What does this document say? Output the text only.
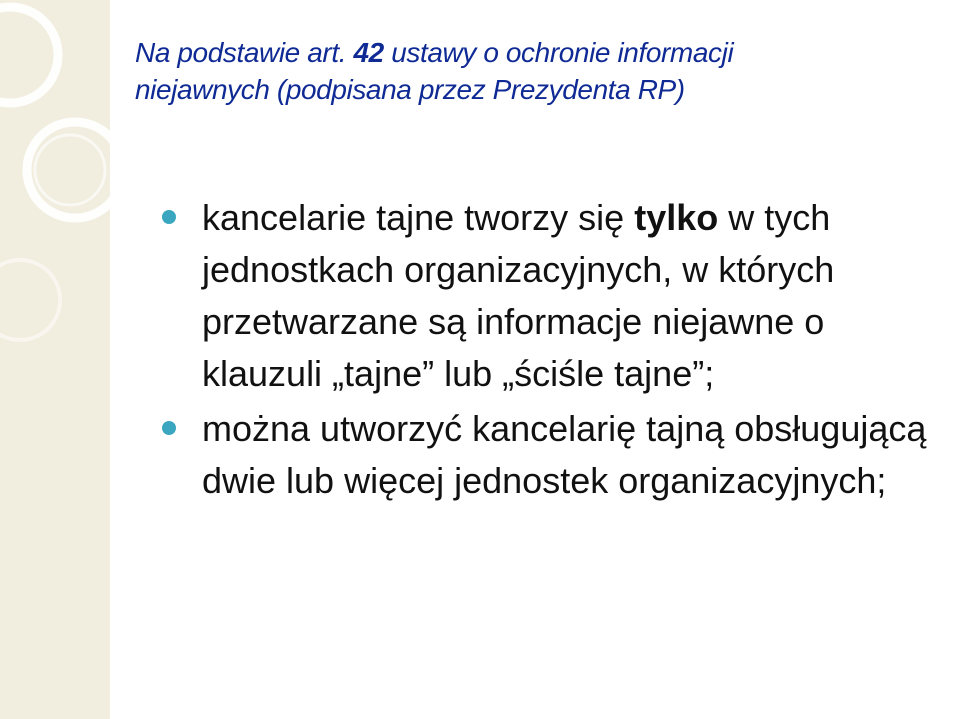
Na podstawie art. 42 ustawy o ochronie informacji
niejawnych (podpisana przez Prezydenta RP)
kancelarie tajne tworzy się tylko w tych jednostkach organizacyjnych, w których przetwarzane są informacje niejawne o klauzuli „tajne” lub „ściśle tajne”;
można utworzyć kancelarię tajną obsługującą dwie lub więcej jednostek organizacyjnych;
